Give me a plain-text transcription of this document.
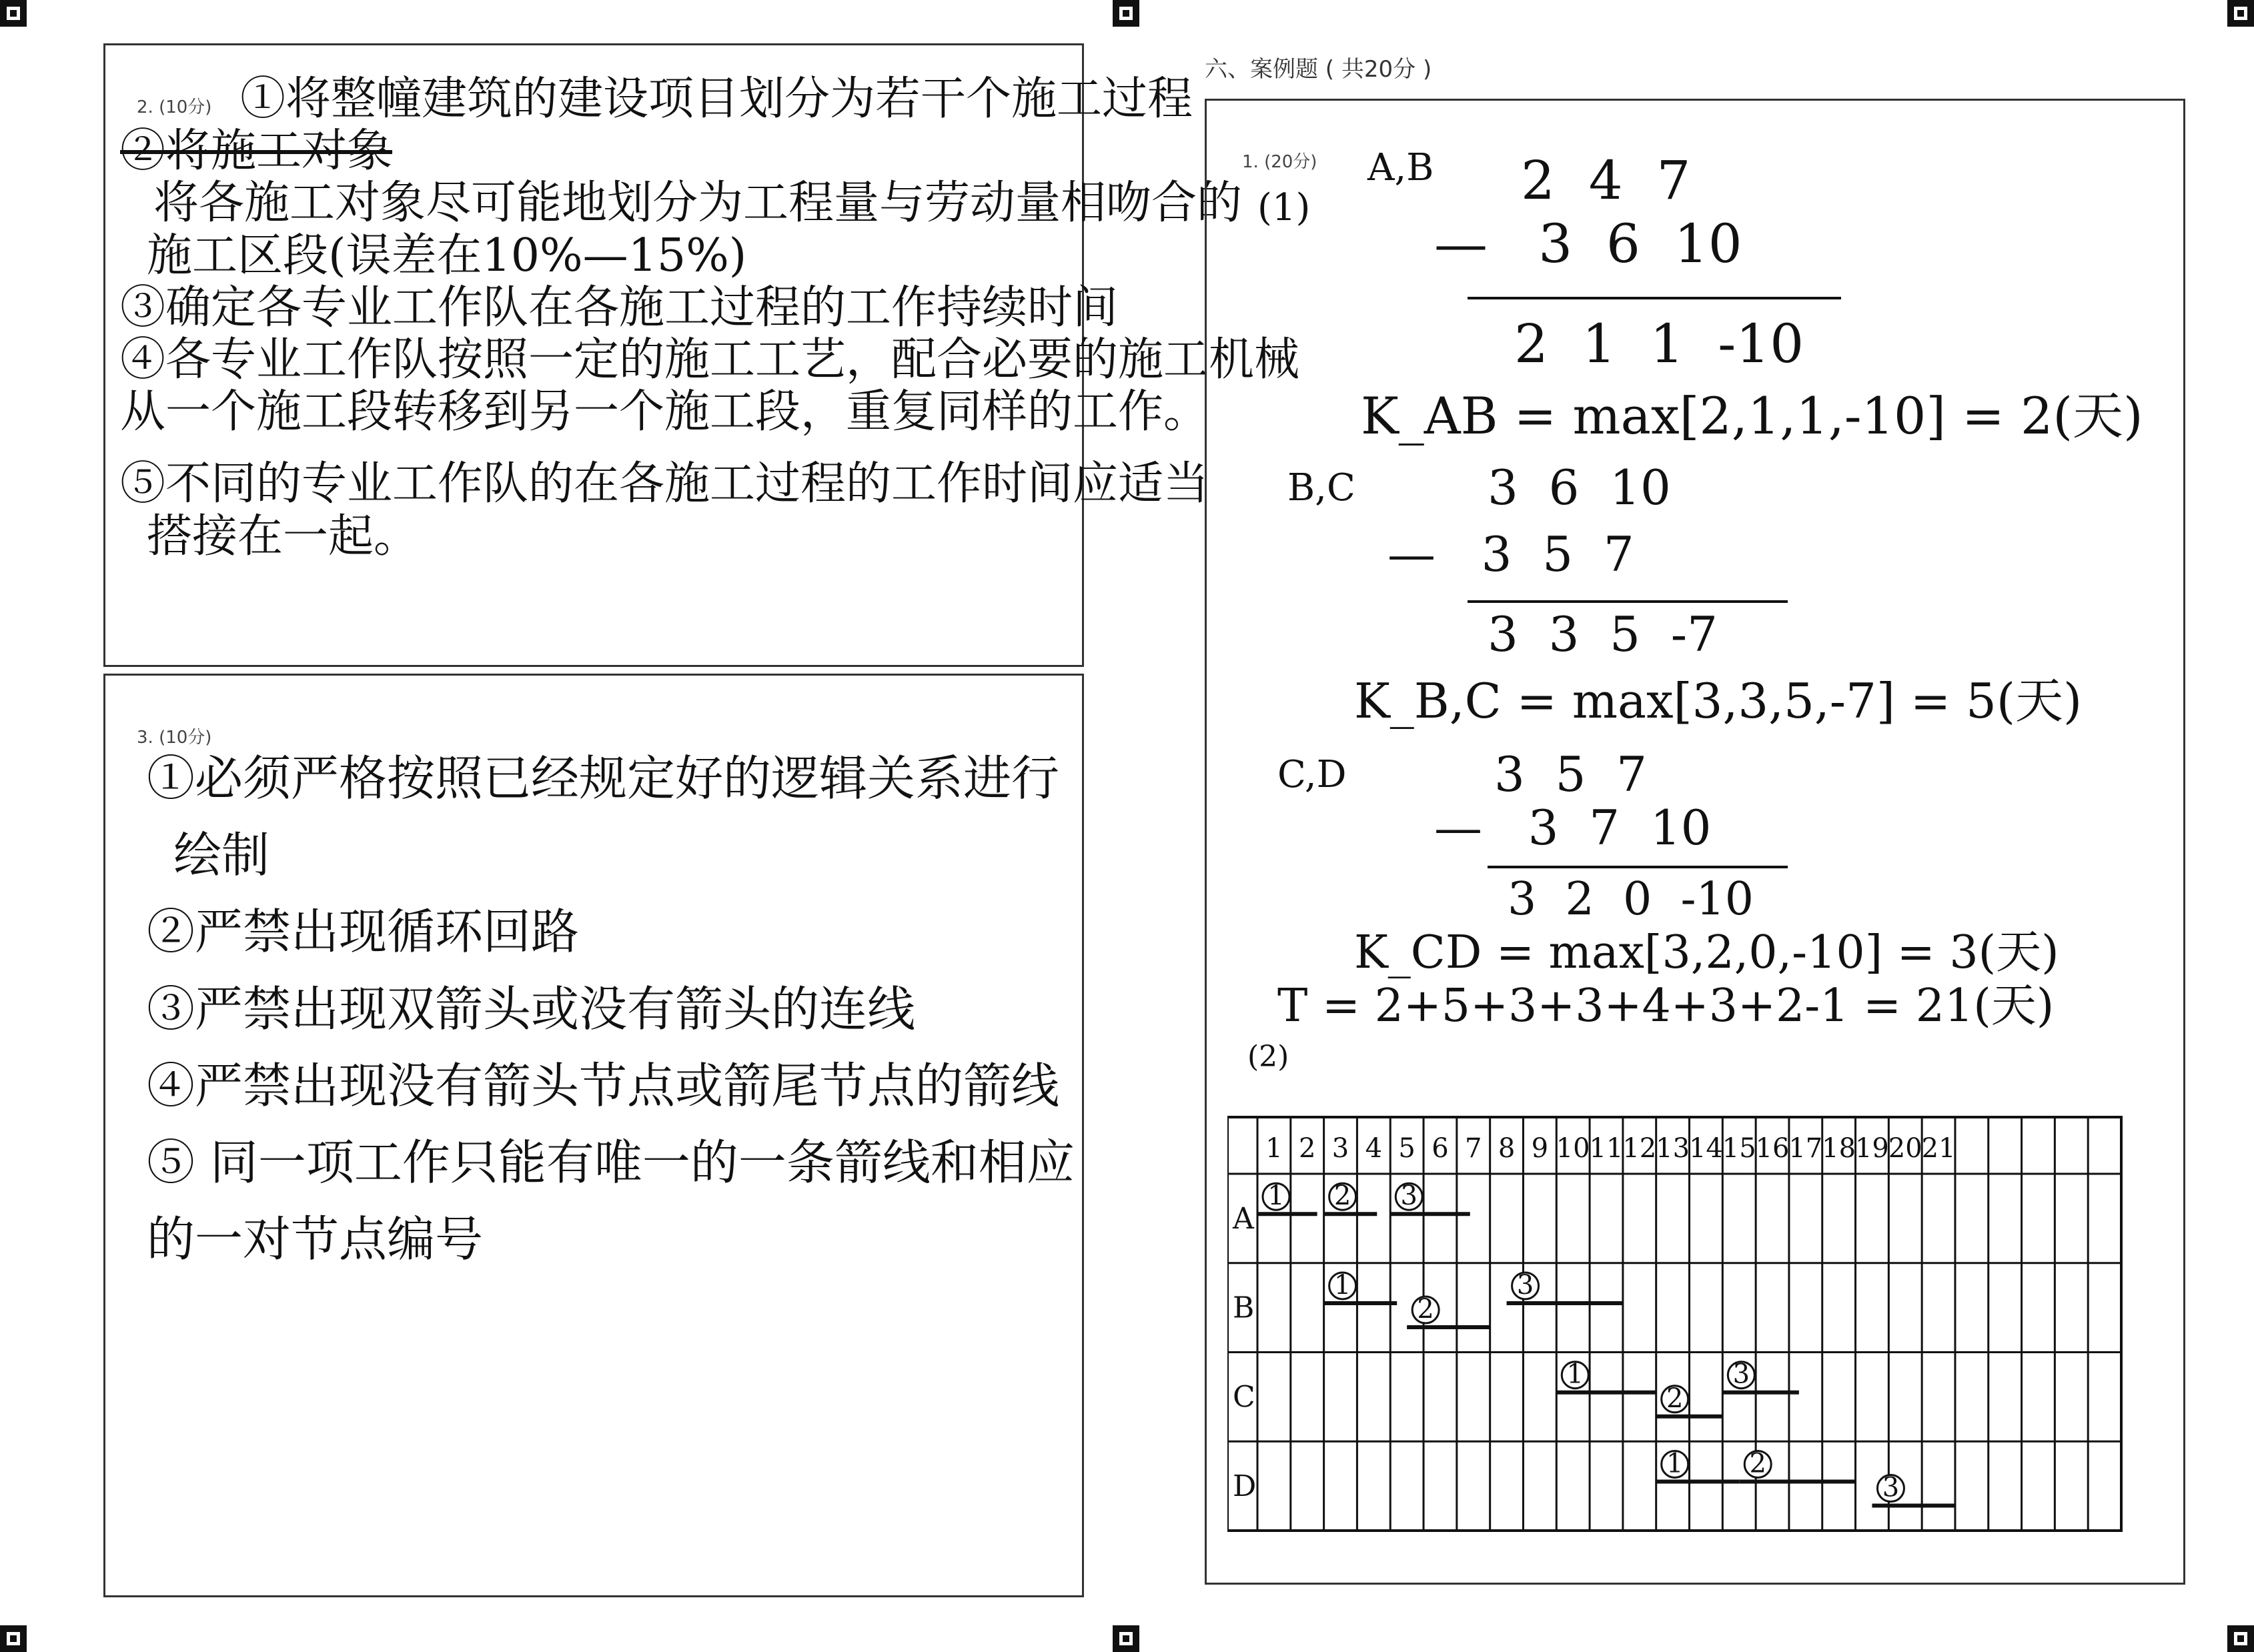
2. (10分) ①将整幢建筑的建设项目划分为若干个施工过程
②将施工对象
将各施工对象尽可能地划分为工程量与劳动量相吻合的
施工区段(误差在10%—15%)
③确定各专业工作队在各施工过程的工作持续时间
④各专业工作队按照一定的施工工艺，配合必要的施工机械
从一个施工段转移到另一个施工段，重复同样的工作。
⑤不同的专业工作队的在各施工过程的工作时间应适当
搭接在一起。
3. (10分)
①必须严格按照已经规定好的逻辑关系进行
绘制
②严禁出现循环回路
③严禁出现双箭头或没有箭头的连线
④严禁出现没有箭头节点或箭尾节点的箭线
⑤ 同一项工作只能有唯一的一条箭线和相应
的一对节点编号
六、案例题 ( 共20分 )
1. (20分)
(1)
A,B 2  4  7
—   3  6  10
2  1  1  -10
K_AB = max[2,1,1,-10] = 2(天)
B,C	3  6  10
—   3  5  7
3  3  5  -7
K_B,C = max[3,3,5,-7] = 5(天)
C,D	3  5  7
—   3  7  10
3  2  0  -10
K_CD = max[3,2,0,-10] = 3(天)
T = 2+5+3+3+4+3+2-1 = 21(天)
(2)
1 2 3 4 5 6 7 8 9 10
11
12
13
14
15
16
17
18
19
20
21
A
B
C
D
1 2 3
1
2
3
1
2
3
1 2
3
